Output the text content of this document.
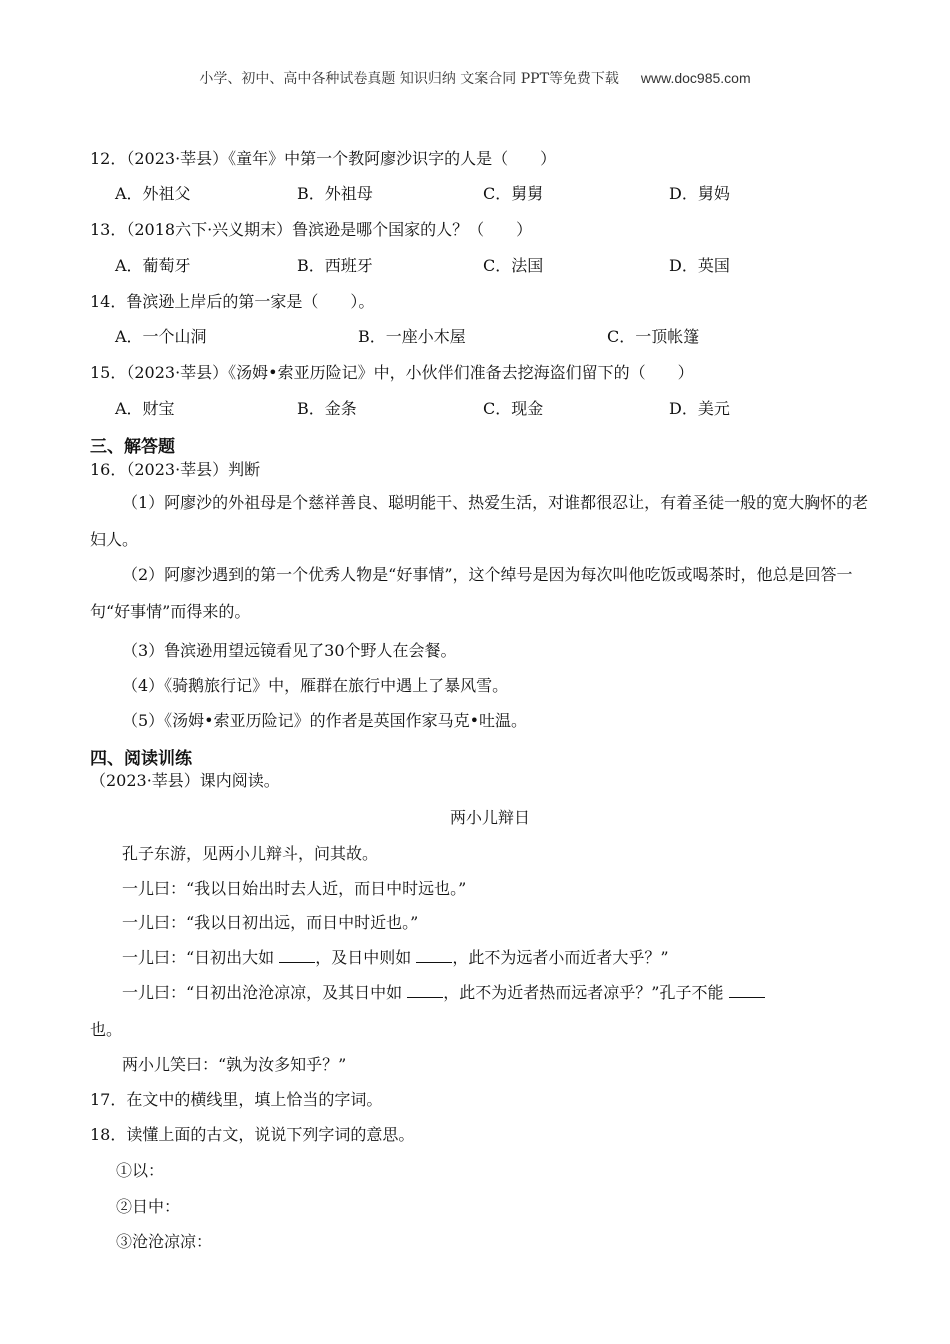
小学、初中、高中各种试卷真题 知识归纳 文案合同 PPT等免费下载 www.doc985.com
12．（2023·莘县）《童年》中第一个教阿廖沙识字的人是（　　）
A．外祖父	B．外祖母	C．舅舅	D．舅妈
13．（2018六下·兴义期末）鲁滨逊是哪个国家的人？（　　）
A．葡萄牙	B．西班牙	C．法国	D．英国
14．鲁滨逊上岸后的第一家是（　　）。
A．一个山洞	B．一座小木屋	C．一顶帐篷
15．（2023·莘县）《汤姆•索亚历险记》中，小伙伴们准备去挖海盗们留下的（　　）
A．财宝	B．金条	C．现金	D．美元
三、解答题
16．（2023·莘县）判断
（1）阿廖沙的外祖母是个慈祥善良、聪明能干、热爱生活，对谁都很忍让，有着圣徒一般的宽大胸怀的老妇人。
（2）阿廖沙遇到的第一个优秀人物是“好事情”，这个绰号是因为每次叫他吃饭或喝茶时，他总是回答一句“好事情”而得来的。
（3）鲁滨逊用望远镜看见了30个野人在会餐。
（4）《骑鹅旅行记》中，雁群在旅行中遇上了暴风雪。
（5）《汤姆•索亚历险记》的作者是英国作家马克•吐温。
四、阅读训练
（2023·莘县）课内阅读。
两小儿辩日
孔子东游，见两小儿辩斗，问其故。
一儿曰：“我以日始出时去人近，而日中时远也。”
一儿曰：“我以日初出远，而日中时近也。”
一儿曰：“日初出大如 ，及日中则如 ，此不为远者小而近者大乎？”
一儿曰：“日初出沧沧凉凉，及其日中如 ，此不为近者热而远者凉乎？”孔子不能
也。
两小儿笑曰：“孰为汝多知乎？”
17．在文中的横线里，填上恰当的字词。
18．读懂上面的古文，说说下列字词的意思。
①以：
②日中：
③沧沧凉凉：
